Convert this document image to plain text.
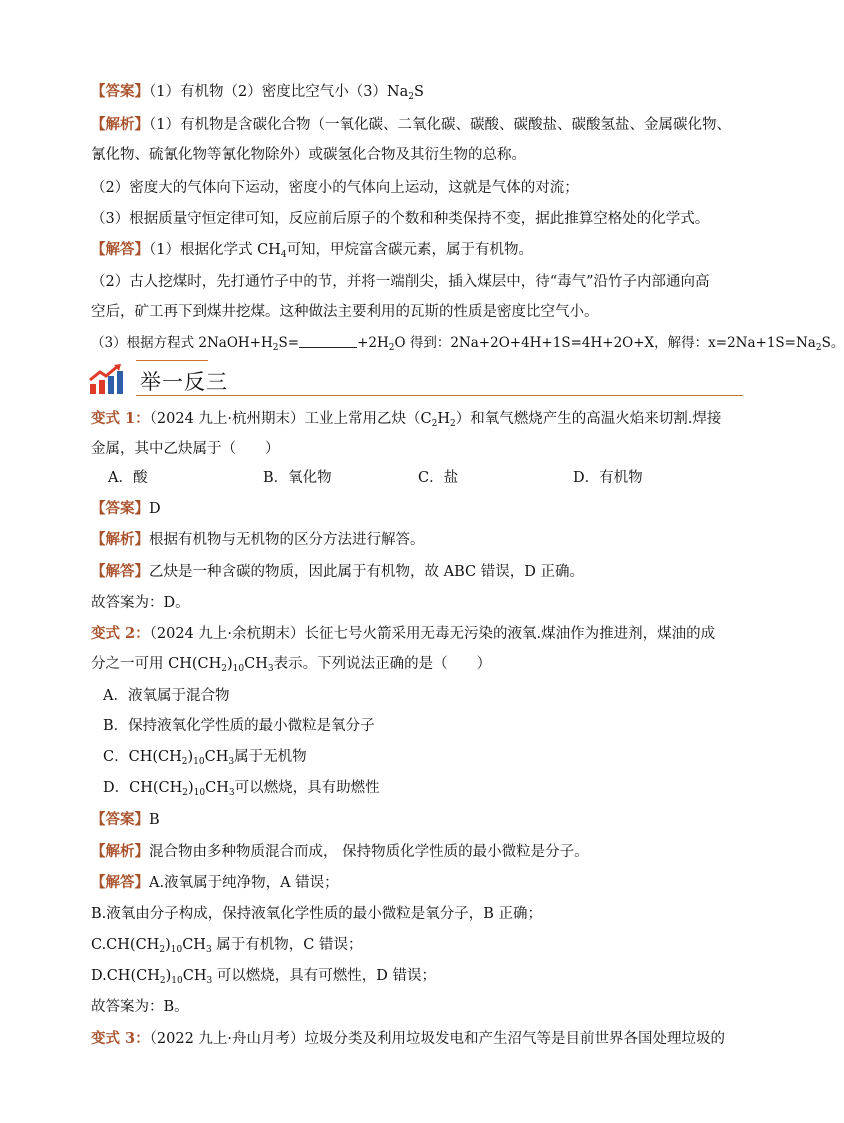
【答案】（1）有机物（2）密度比空气小$(3)Na_2S$
【解析】（1）有机物是含碳化合物（一氧化碳、二氧化碳、碳酸、碳酸盐、碳酸氢盐、金属碳化物、
氰化物、硫氰化物等氰化物除外）或碳氢化合物及其衍生物的总称。
（2）密度大的气体向下运动，密度小的气体向上运动，这就是气体的对流；
（3）根据质量守恒定律可知，反应前后原子的个数和种类保持不变，据此推算空格处的化学式。
【解答】（1）根据化学式 $CH_4$可知，甲烷富含碳元素，属于有机物。
（2）古人挖煤时，先打通竹子中的节，并将一端削尖，插入煤层中，待“毒气”沿竹子内部通向高
空后，矿工再下到煤井挖煤。这种做法主要利用的瓦斯的性质是密度比空气小。
（3）根据方程式 $2NaOH+H_2S=$	$+2H_2O$ 得到：2Na+2O+4H+1S=4H+2O+X，解得：$x=2Na+1S=Na_2S$。
举一反三
变式 1：（2024 九上·杭州期末）工业上常用乙炔$(C_2H_2)$和氧气燃烧产生的高温火焰来切割.焊接
金属，其中乙炔属于（　　）
A．酸	B．氧化物	C．盐	D．有机物
【答案】D
【解析】根据有机物与无机物的区分方法进行解答。
【解答】乙炔是一种含碳的物质，因此属于有机物，故 ABC 错误，D 正确。
故答案为：D。
变式 2：（2024 九上·余杭期末）长征七号火箭采用无毒无污染的液氧.煤油作为推进剂，煤油的成
分之一可用 $CH(CH_2)_{10}CH_3$表示。下列说法正确的是（　　）
A．液氧属于混合物
B．保持液氧化学性质的最小微粒是氧分子
C．$CH(CH_2)_{10}CH_3$属于无机物
D．$CH(CH_2)_{10}CH_3$可以燃烧，具有助燃性
【答案】B
【解析】混合物由多种物质混合而成， 保持物质化学性质的最小微粒是分子。
【解答】A.液氧属于纯净物，A 错误；
B.液氧由分子构成，保持液氧化学性质的最小微粒是氧分子，B 正确；
$C.CH(CH_2)_{10}CH_3$ 属于有机物，C 错误；
$D.CH(CH_2)_{10}CH_3$ 可以燃烧，具有可燃性，D 错误；
故答案为：B。
变式 3：（2022 九上·舟山月考）垃圾分类及利用垃圾发电和产生沼气等是目前世界各国处理垃圾的
